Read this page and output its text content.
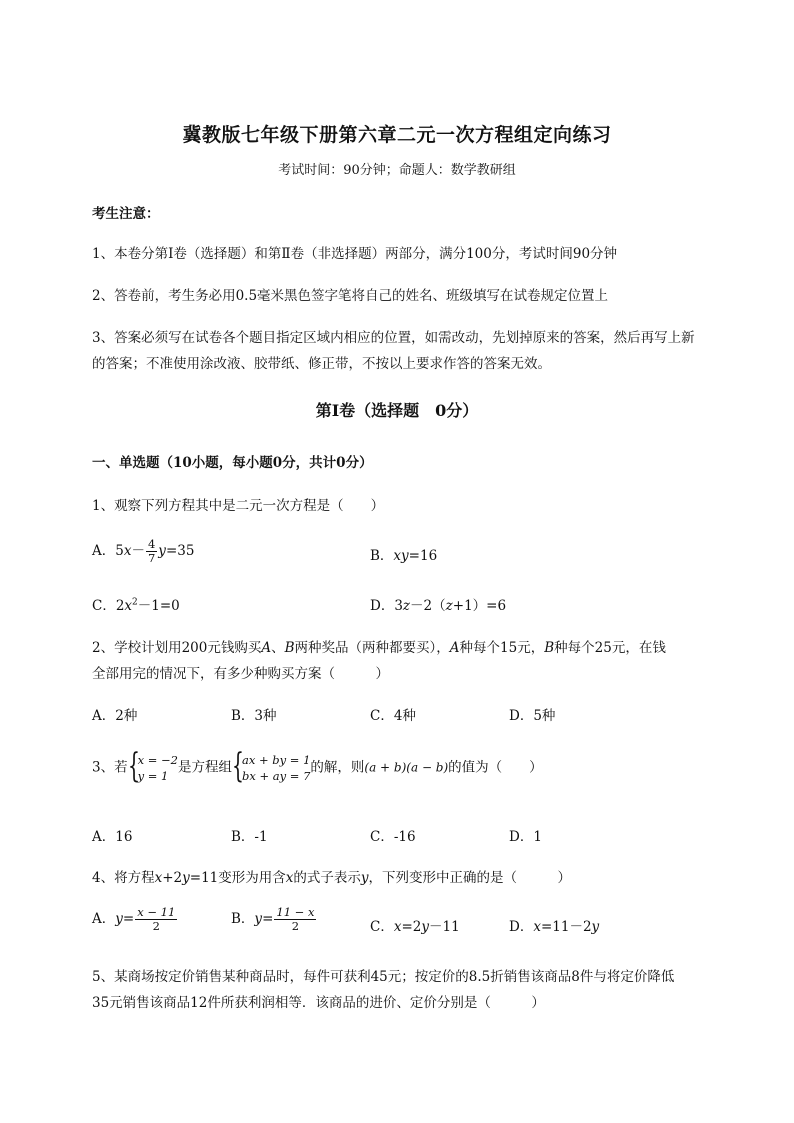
冀教版七年级下册第六章二元一次方程组定向练习
考试时间：90分钟；命题人：数学教研组
考生注意：
1、本卷分第I卷（选择题）和第Ⅱ卷（非选择题）两部分，满分100分，考试时间90分钟
2、答卷前，考生务必用0.5毫米黑色签字笔将自己的姓名、班级填写在试卷规定位置上
3、答案必须写在试卷各个题目指定区域内相应的位置，如需改动，先划掉原来的答案，然后再写上新
的答案；不准使用涂改液、胶带纸、修正带，不按以上要求作答的答案无效。
第I卷（选择题　0分）
一、单选题（10小题，每小题0分，共计0分）
1、观察下列方程其中是二元一次方程是（　　）
A．$5x- \frac{4}{7} y=35$	B．xy=16
C．$2x^2-1=0$	D．3z－2（z+1）=6
2、学校计划用200元钱购买A、B两种奖品（两种都要买），A种每个15元，B种每个25元，在钱
全部用完的情况下，有多少种购买方案（　　　）
A．2种	B．3种	C．4种	D．5种
3、若 {
x = −2
y = 1
是方程组 {
ax + by = 1
bx + ay = 7
的解，则(a + b)(a − b)的值为（　　）
A．16	B．-1	C．-16	D．1
4、将方程x+2y=11变形为用含x的式子表示y，下列变形中正确的是（　　　）
A．$y= \frac{x - 11}{2}$	B．$y= \frac{11 - x}{2}$	C．x=2y－11	D．x=11－2y
5、某商场按定价销售某种商品时，每件可获利45元；按定价的8.5折销售该商品8件与将定价降低
35元销售该商品12件所获利润相等．该商品的进价、定价分别是（　　　）
